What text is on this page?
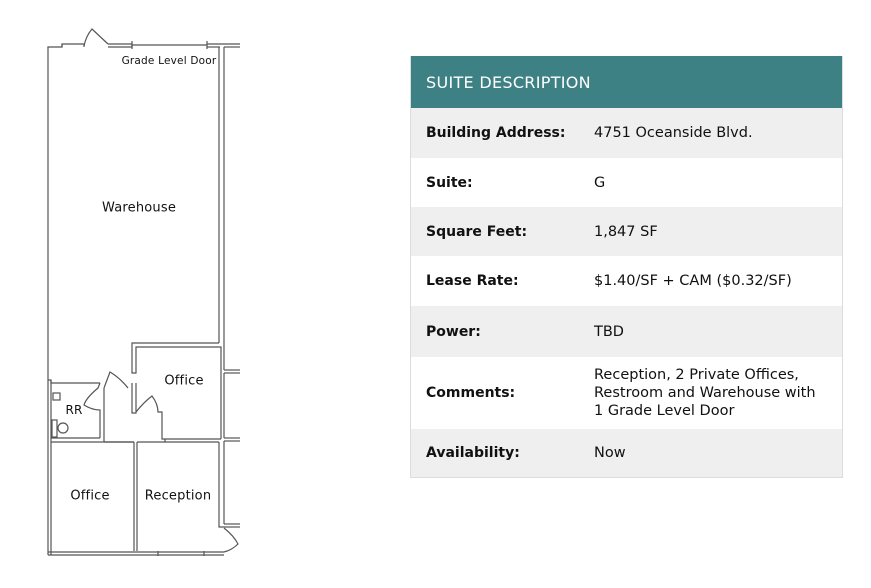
Grade Level Door
Warehouse
Office
RR
Office	Reception
SUITE DESCRIPTION
Building Address:	4751 Oceanside Blvd.
Suite:	G
Square Feet:	1,847 SF
Lease Rate:	$1.40/SF + CAM ($0.32/SF)
Power:	TBD
Comments:
Reception, 2 Private Offices,
Restroom and Warehouse with
1 Grade Level Door
Availability:	Now
